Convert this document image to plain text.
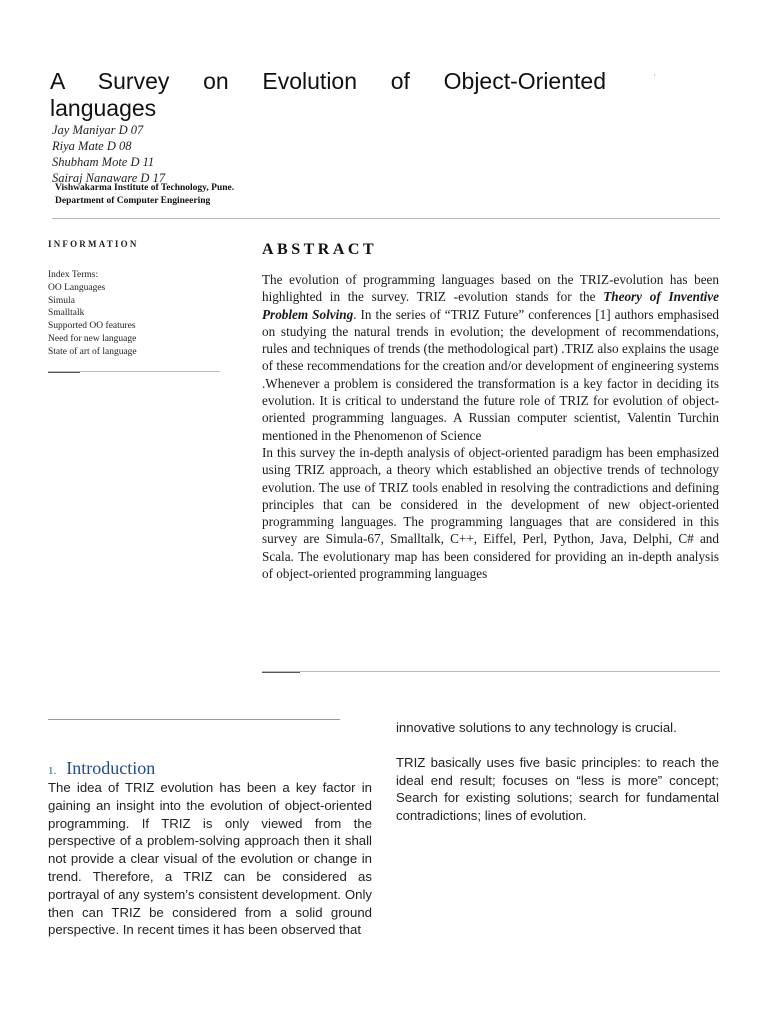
A Survey on Evolution of Object-Oriented
languages
·
Jay Maniyar D 07
Riya Mate D 08
Shubham Mote D 11
Sairaj Nanaware D 17
Vishwakarma Institute of Technology, Pune.
Department of Computer Engineering
INFORMATION
Index Terms:
OO Languages
Simula
Smalltalk
Supported OO features
Need for new language
State of art of language
ABSTRACT

The evolution of programming languages based on the TRIZ-evolution has been highlighted in the survey. TRIZ -evolution stands for the Theory of Inventive Problem Solving. In the series of “TRIZ Future” conferences [1] authors emphasised on studying the natural trends in evolution; the development of recommendations, rules and techniques of trends (the methodological part) .TRIZ also explains the usage of these recommendations for the creation and/or development of engineering systems .Whenever a problem is considered the transformation is a key factor in deciding its evolution. It is critical to understand the future role of TRIZ for evolution of object-oriented programming languages. A Russian computer scientist, Valentin Turchin mentioned in the Phenomenon of Science

In this survey the in-depth analysis of object-oriented paradigm has been emphasized using TRIZ approach, a theory which established an objective trends of technology evolution. The use of TRIZ tools enabled in resolving the contradictions and defining principles that can be considered in the development of new object-oriented programming languages. The programming languages that are considered in this survey are Simula-67, Smalltalk, C++, Eiffel, Perl, Python, Java, Delphi, C# and Scala. The evolutionary map has been considered for providing an in-depth analysis of object-oriented programming languages

1. Introduction

The idea of TRIZ evolution has been a key factor in gaining an insight into the evolution of object-oriented programming. If TRIZ is only viewed from the perspective of a problem-solving approach then it shall not provide a clear visual of the evolution or change in trend. Therefore, a TRIZ can be considered as portrayal of any system’s consistent development. Only then can TRIZ be considered from a solid ground perspective. In recent times it has been observed that

innovative solutions to any technology is crucial.

TRIZ basically uses five basic principles: to reach the ideal end result; focuses on “less is more” concept; Search for existing solutions; search for fundamental contradictions; lines of evolution.
